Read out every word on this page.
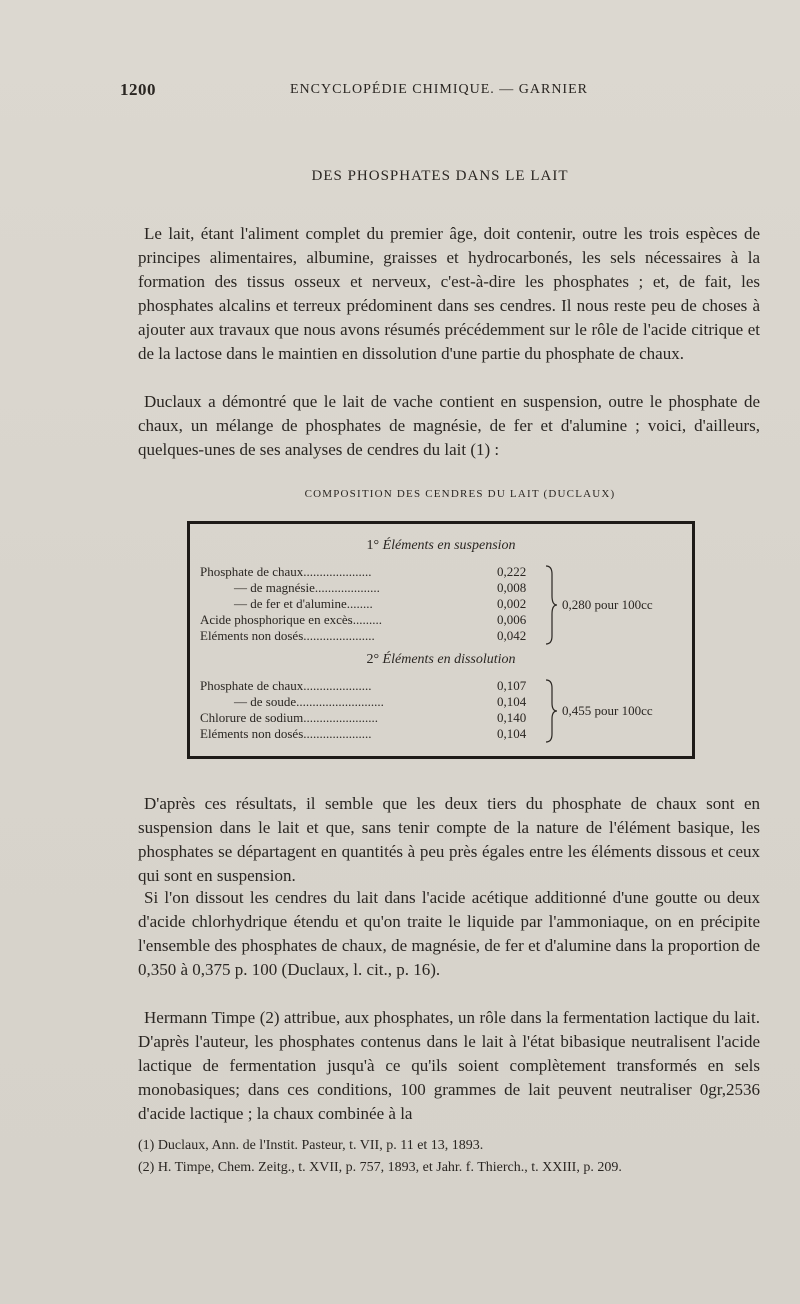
1200	ENCYCLOPÉDIE CHIMIQUE. — GARNIER
DES PHOSPHATES DANS LE LAIT

Le lait, étant l'aliment complet du premier âge, doit contenir, outre les trois espèces de principes alimentaires, albumine, graisses et hydrocarbonés, les sels nécessaires à la formation des tissus osseux et nerveux, c'est-à-dire les phosphates ; et, de fait, les phosphates alcalins et terreux prédominent dans ses cendres. Il nous reste peu de choses à ajouter aux travaux que nous avons résumés précédemment sur le rôle de l'acide citrique et de la lactose dans le maintien en dissolution d'une partie du phosphate de chaux.

Duclaux a démontré que le lait de vache contient en suspension, outre le phosphate de chaux, un mélange de phosphates de magnésie, de fer et d'alumine ; voici, d'ailleurs, quelques-unes de ses analyses de cendres du lait (1) :

COMPOSITION DES CENDRES DU LAIT (DUCLAUX)
1° Éléments en suspension
Phosphate de chaux.....................	0,222
— de magnésie....................	0,008
— de fer et d'alumine........	0,002
Acide phosphorique en excès.........	0,006
Eléments non dosés......................	0,042
0,280 pour 100cc
2° Éléments en dissolution
Phosphate de chaux.....................	0,107
— de soude...........................	0,104
Chlorure de sodium.......................	0,140
Eléments non dosés.....................	0,104
0,455 pour 100cc

D'après ces résultats, il semble que les deux tiers du phosphate de chaux sont en suspension dans le lait et que, sans tenir compte de la nature de l'élément basique, les phosphates se départagent en quantités à peu près égales entre les éléments dissous et ceux qui sont en suspension.

Si l'on dissout les cendres du lait dans l'acide acétique additionné d'une goutte ou deux d'acide chlorhydrique étendu et qu'on traite le liquide par l'ammoniaque, on en précipite l'ensemble des phosphates de chaux, de magnésie, de fer et d'alumine dans la proportion de 0,350 à 0,375 p. 100 (Duclaux, l. cit., p. 16).

Hermann Timpe (2) attribue, aux phosphates, un rôle dans la fermentation lactique du lait. D'après l'auteur, les phosphates contenus dans le lait à l'état bibasique neutralisent l'acide lactique de fermentation jusqu'à ce qu'ils soient complètement transformés en sels monobasiques; dans ces conditions, 100 grammes de lait peuvent neutraliser 0gr,2536 d'acide lactique ; la chaux combinée à la

(1) Duclaux, Ann. de l'Instit. Pasteur, t. VII, p. 11 et 13, 1893.
(2) H. Timpe, Chem. Zeitg., t. XVII, p. 757, 1893, et Jahr. f. Thierch., t. XXIII, p. 209.
